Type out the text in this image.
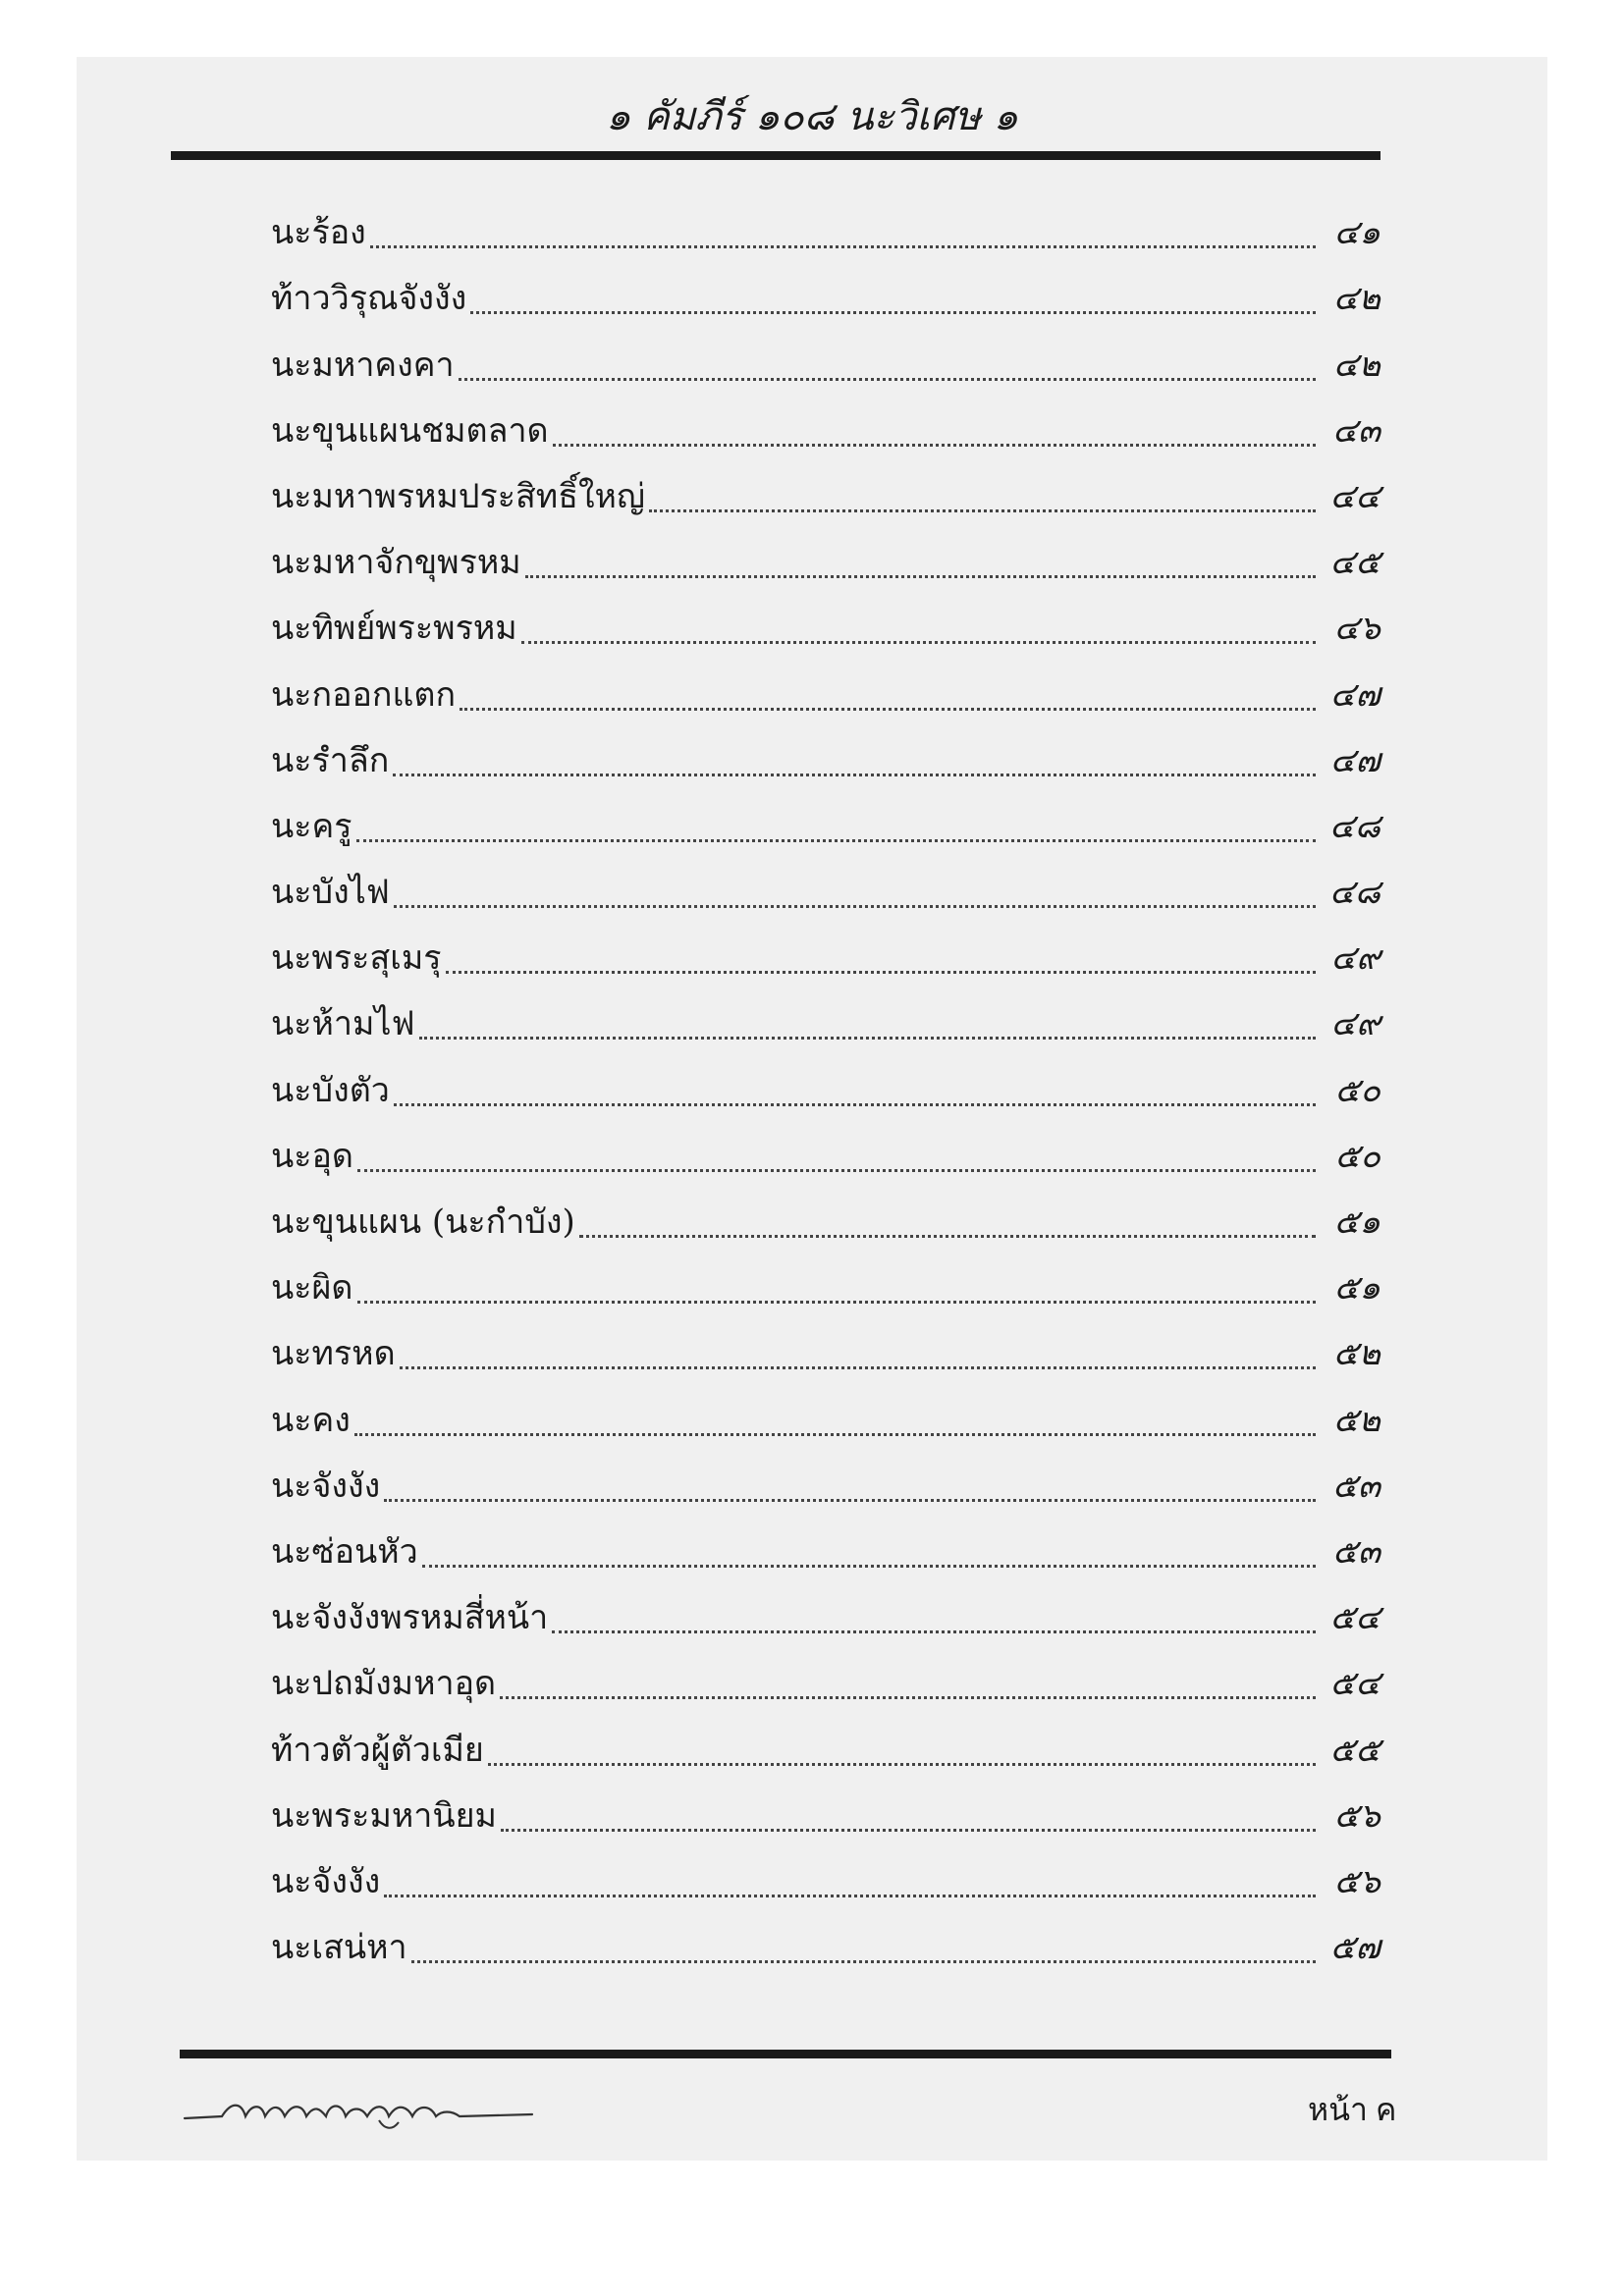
๑ คัมภีร์ ๑๐๘ นะวิเศษ ๑
นะร้อง	๔๑
ท้าววิรุณจังงัง	๔๒
นะมหาคงคา	๔๒
นะขุนแผนชมตลาด	๔๓
นะมหาพรหมประสิทธิ์ใหญ่	๔๔
นะมหาจักขุพรหม	๔๕
นะทิพย์พระพรหม	๔๖
นะกออกแตก	๔๗
นะรำลึก	๔๗
นะครู	๔๘
นะบังไฟ	๔๘
นะพระสุเมรุ	๔๙
นะห้ามไฟ	๔๙
นะบังตัว	๕๐
นะอุด	๕๐
นะขุนแผน (นะกำบัง)	๕๑
นะผิด	๕๑
นะทรหด	๕๒
นะคง	๕๒
นะจังงัง	๕๓
นะซ่อนหัว	๕๓
นะจังงังพรหมสี่หน้า	๕๔
นะปถมังมหาอุด	๕๔
ท้าวตัวผู้ตัวเมีย	๕๕
นะพระมหานิยม	๕๖
นะจังงัง	๕๖
นะเสน่หา	๕๗
หน้า ค
